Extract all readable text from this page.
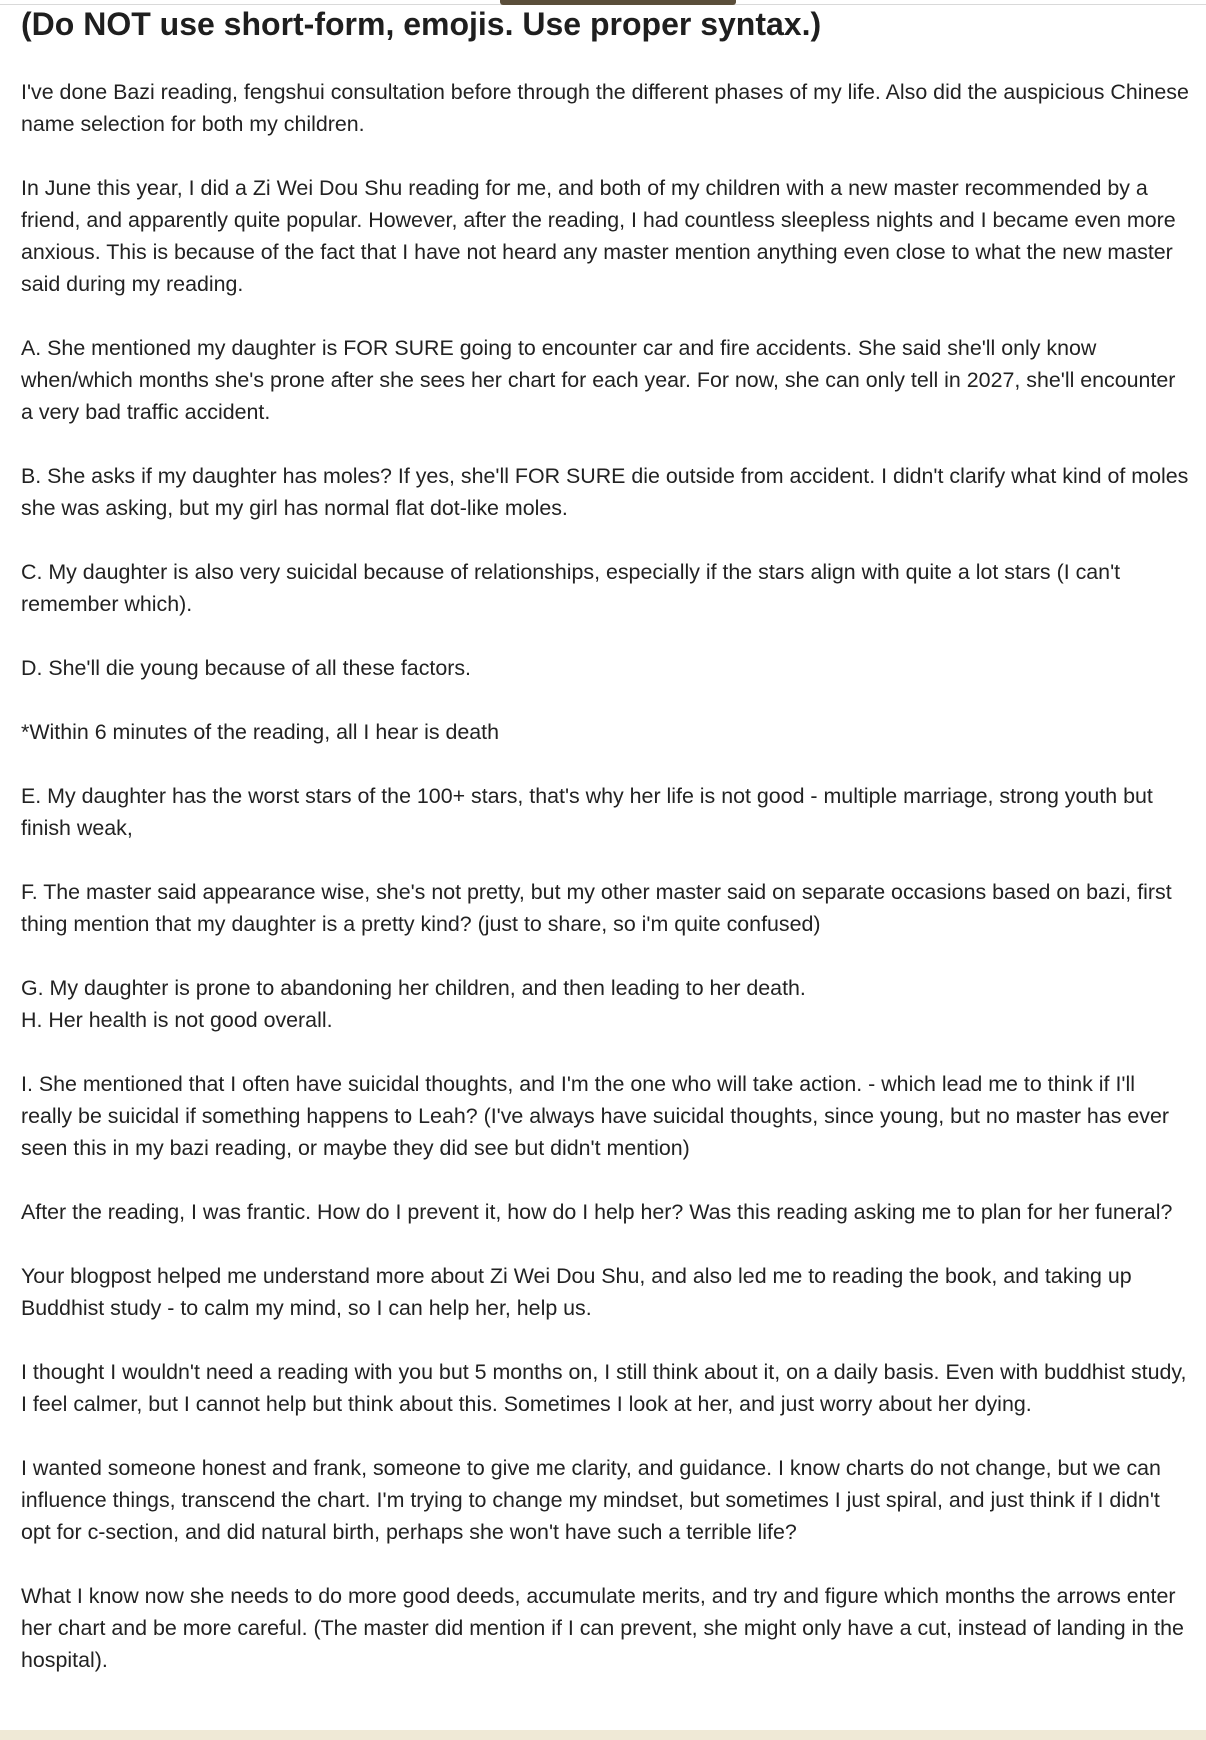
(Do NOT use short-form, emojis. Use proper syntax.)

I've done Bazi reading, fengshui consultation before through the different phases of my life. Also did the auspicious Chinese name selection for both my children.

In June this year, I did a Zi Wei Dou Shu reading for me, and both of my children with a new master recommended by a friend, and apparently quite popular. However, after the reading, I had countless sleepless nights and I became even more anxious. This is because of the fact that I have not heard any master mention anything even close to what the new master said during my reading.

A. She mentioned my daughter is FOR SURE going to encounter car and fire accidents. She said she'll only know when/which months she's prone after she sees her chart for each year. For now, she can only tell in 2027, she'll encounter a very bad traffic accident.

B. She asks if my daughter has moles? If yes, she'll FOR SURE die outside from accident. I didn't clarify what kind of moles she was asking, but my girl has normal flat dot-like moles.

C. My daughter is also very suicidal because of relationships, especially if the stars align with quite a lot stars (I can't remember which).

D. She'll die young because of all these factors.

*Within 6 minutes of the reading, all I hear is death

E. My daughter has the worst stars of the 100+ stars, that's why her life is not good - multiple marriage, strong youth but finish weak,

F. The master said appearance wise, she's not pretty, but my other master said on separate occasions based on bazi, first thing mention that my daughter is a pretty kind? (just to share, so i'm quite confused)

G. My daughter is prone to abandoning her children, and then leading to her death.

H. Her health is not good overall.

I. She mentioned that I often have suicidal thoughts, and I'm the one who will take action. - which lead me to think if I'll really be suicidal if something happens to Leah? (I've always have suicidal thoughts, since young, but no master has ever seen this in my bazi reading, or maybe they did see but didn't mention)

After the reading, I was frantic. How do I prevent it, how do I help her? Was this reading asking me to plan for her funeral?

Your blogpost helped me understand more about Zi Wei Dou Shu, and also led me to reading the book, and taking up Buddhist study - to calm my mind, so I can help her, help us.

I thought I wouldn't need a reading with you but 5 months on, I still think about it, on a daily basis. Even with buddhist study, I feel calmer, but I cannot help but think about this. Sometimes I look at her, and just worry about her dying.

I wanted someone honest and frank, someone to give me clarity, and guidance. I know charts do not change, but we can influence things, transcend the chart. I'm trying to change my mindset, but sometimes I just spiral, and just think if I didn't opt for c-section, and did natural birth, perhaps she won't have such a terrible life?

What I know now she needs to do more good deeds, accumulate merits, and try and figure which months the arrows enter her chart and be more careful. (The master did mention if I can prevent, she might only have a cut, instead of landing in the hospital).
